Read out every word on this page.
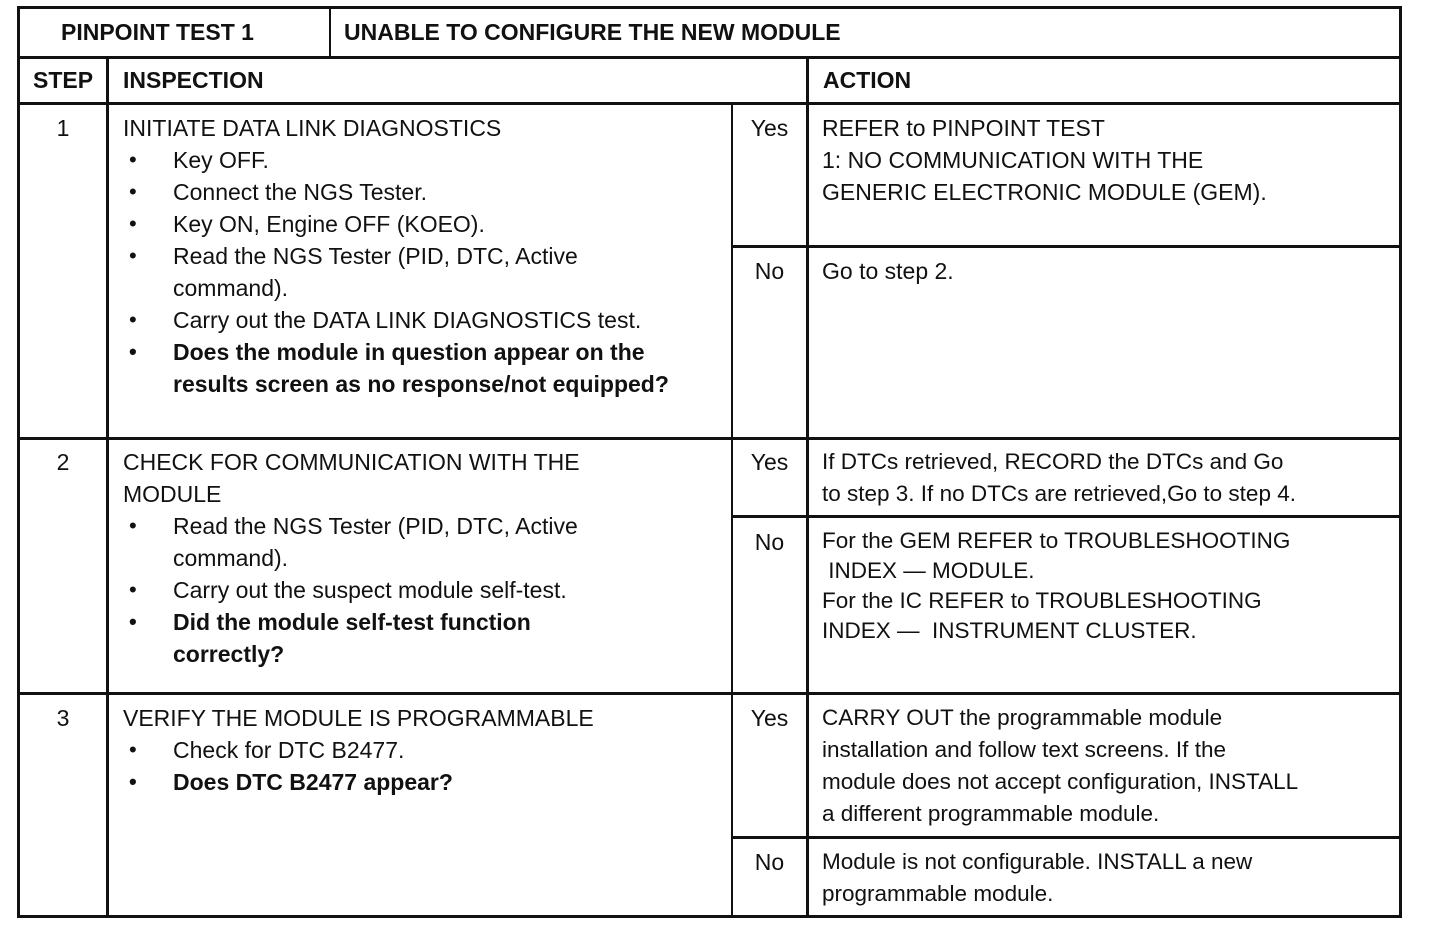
PINPOINT TEST 1	UNABLE TO CONFIGURE THE NEW MODULE
STEP	INSPECTION	ACTION
1	INITIATE DATA LINK DIAGNOSTICS
• Key OFF.
• Connect the NGS Tester.
• Key ON, Engine OFF (KOEO).
• Read the NGS Tester (PID, DTC, Active command).
• Carry out the DATA LINK DIAGNOSTICS test.
• Does the module in question appear on the results screen as no response/not equipped?
Yes	REFER to PINPOINT TEST
1: NO COMMUNICATION WITH THE
GENERIC ELECTRONIC MODULE (GEM).
No	Go to step 2.
2	CHECK FOR COMMUNICATION WITH THE MODULE
• Read the NGS Tester (PID, DTC, Active command).
• Carry out the suspect module self-test.
• Did the module self-test function correctly?
Yes	If DTCs retrieved, RECORD the DTCs and Go
to step 3. If no DTCs are retrieved,Go to step 4.
No	For the GEM REFER to TROUBLESHOOTING
INDEX — MODULE.
For the IC REFER to TROUBLESHOOTING
INDEX —  INSTRUMENT CLUSTER.
3	VERIFY THE MODULE IS PROGRAMMABLE
• Check for DTC B2477.
• Does DTC B2477 appear?
Yes	CARRY OUT the programmable module
installation and follow text screens. If the
module does not accept configuration, INSTALL
a different programmable module.
No	Module is not configurable. INSTALL a new
programmable module.
